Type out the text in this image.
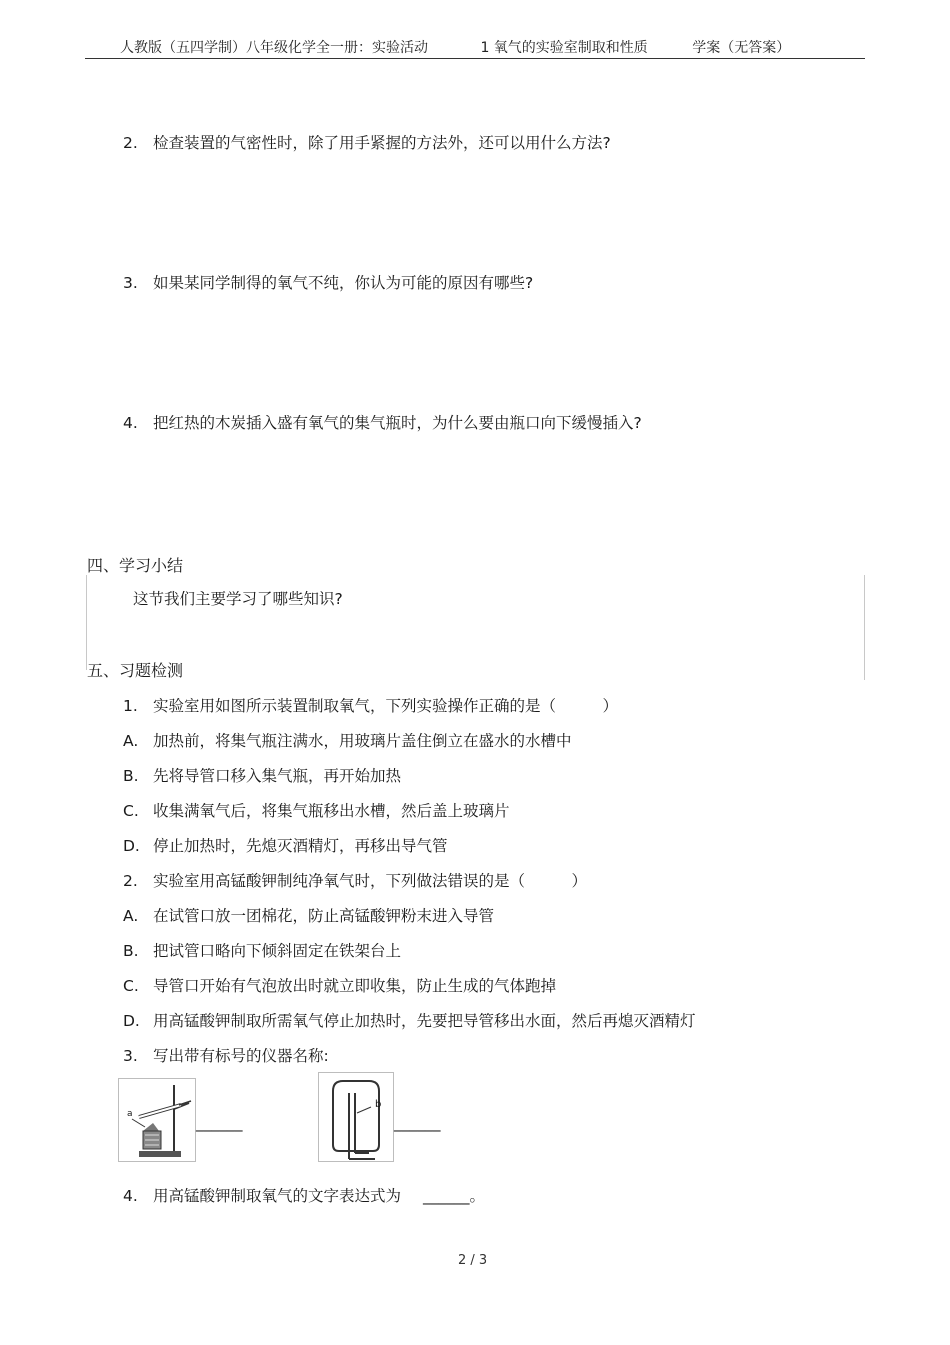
人教版（五四学制）八年级化学全一册：实验活动	1 氧气的实验室制取和性质	学案（无答案）
2. 检查装置的气密性时，除了用手紧握的方法外，还可以用什么方法?
3. 如果某同学制得的氧气不纯，你认为可能的原因有哪些?
4. 把红热的木炭插入盛有氧气的集气瓶时，为什么要由瓶口向下缓慢插入?
四、学习小结
这节我们主要学习了哪些知识?
五、习题检测
1. 实验室用如图所示装置制取氧气，下列实验操作正确的是（　　　）
A. 加热前，将集气瓶注满水，用玻璃片盖住倒立在盛水的水槽中
B. 先将导管口移入集气瓶，再开始加热
C. 收集满氧气后，将集气瓶移出水槽，然后盖上玻璃片
D. 停止加热时，先熄灭酒精灯，再移出导气管
2. 实验室用高锰酸钾制纯净氧气时，下列做法错误的是（　　　）
A. 在试管口放一团棉花，防止高锰酸钾粉末进入导管
B. 把试管口略向下倾斜固定在铁架台上
C. 导管口开始有气泡放出时就立即收集，防止生成的气体跑掉
D. 用高锰酸钾制取所需氧气停止加热时，先要把导管移出水面，然后再熄灭酒精灯
3. 写出带有标号的仪器名称:
a	______
b
______
4. 用高锰酸钾制取氧气的文字表达式为 ______。
2 / 3
